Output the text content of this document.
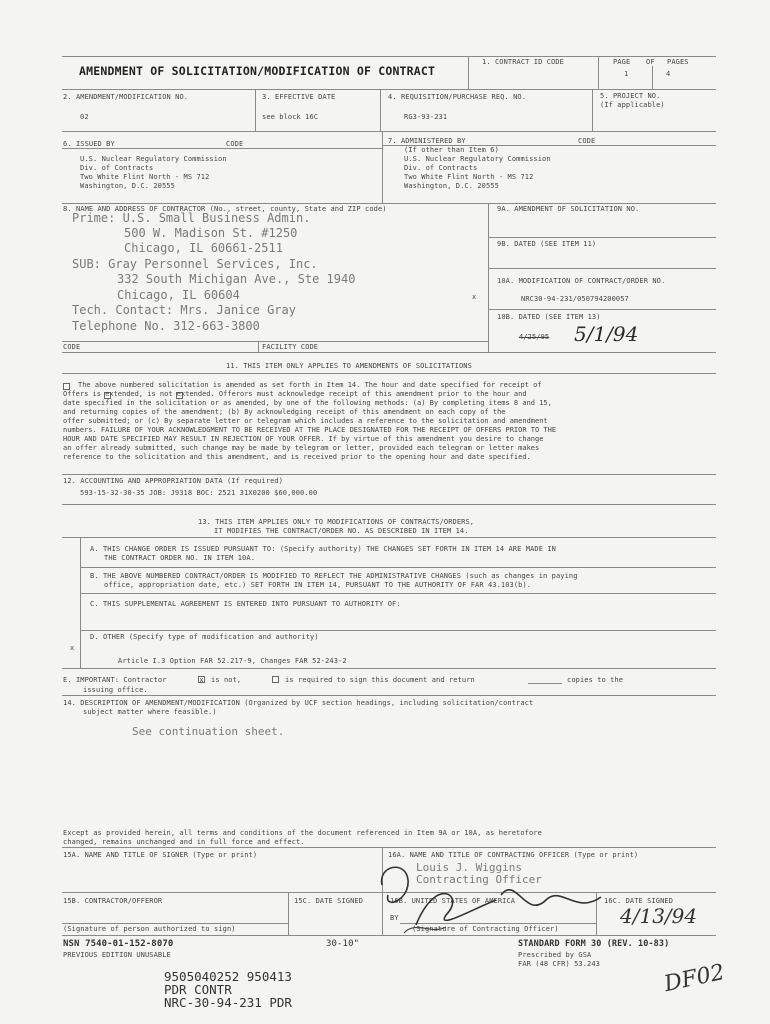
AMENDMENT OF SOLICITATION/MODIFICATION OF CONTRACT
1. CONTRACT ID CODE	PAGE OF PAGES
1	4
2. AMENDMENT/MODIFICATION NO.
02
3. EFFECTIVE DATE
see block 16C
4. REQUISITION/PURCHASE REQ. NO.
RG3-93-231
5. PROJECT NO.
(If applicable)
6. ISSUED BY	CODE
U.S. Nuclear Regulatory Commission
Div. of Contracts
Two White Flint North - MS 712
Washington, D.C. 20555
7. ADMINISTERED BY
(If other than Item 6)
CODE
U.S. Nuclear Regulatory Commission
Div. of Contracts
Two White Flint North - MS 712
Washington, D.C. 20555
8. NAME AND ADDRESS OF CONTRACTOR (No., street, county, State and ZIP code)
Prime: U.S. Small Business Admin.
500 W. Madison St. #1250
Chicago, IL 60661-2511
SUB: Gray Personnel Services, Inc.
332 South Michigan Ave., Ste 1940
Chicago, IL 60604
Tech. Contact: Mrs. Janice Gray
Telephone No. 312-663-3800
CODE	FACILITY CODE
9A. AMENDMENT OF SOLICITATION NO.
9B. DATED (SEE ITEM 11)
x
10A. MODIFICATION OF CONTRACT/ORDER NO.
NRC30-94-231/050794200057
10B. DATED (SEE ITEM 13)
4/25/95 5/1/94
11. THIS ITEM ONLY APPLIES TO AMENDMENTS OF SOLICITATIONS
The above numbered solicitation is amended as set forth in Item 14. The hour and date specified for receipt of
Offers is extended, is not extended. Offerors must acknowledge receipt of this amendment prior to the hour and
date specified in the solicitation or as amended, by one of the following methods: (a) By completing items 8 and 15,
and returning copies of the amendment; (b) By acknowledging receipt of this amendment on each copy of the
offer submitted; or (c) By separate letter or telegram which includes a reference to the solicitation and amendment
numbers. FAILURE OF YOUR ACKNOWLEDGMENT TO BE RECEIVED AT THE PLACE DESIGNATED FOR THE RECEIPT OF OFFERS PRIOR TO THE
HOUR AND DATE SPECIFIED MAY RESULT IN REJECTION OF YOUR OFFER. If by virtue of this amendment you desire to change
an offer already submitted, such change may be made by telegram or letter, provided each telegram or letter makes
reference to the solicitation and this amendment, and is received prior to the opening hour and date specified.
12. ACCOUNTING AND APPROPRIATION DATA (If required)
593-15-32-30-35 JOB: J9318 BOC: 2521 31X0200 $60,000.00
13. THIS ITEM APPLIES ONLY TO MODIFICATIONS OF CONTRACTS/ORDERS,
IT MODIFIES THE CONTRACT/ORDER NO. AS DESCRIBED IN ITEM 14.
A. THIS CHANGE ORDER IS ISSUED PURSUANT TO: (Specify authority) THE CHANGES SET FORTH IN ITEM 14 ARE MADE IN
THE CONTRACT ORDER NO. IN ITEM 10A.
B. THE ABOVE NUMBERED CONTRACT/ORDER IS MODIFIED TO REFLECT THE ADMINISTRATIVE CHANGES (such as changes in paying
office, appropriation date, etc.) SET FORTH IN ITEM 14, PURSUANT TO THE AUTHORITY OF FAR 43.103(b).
C. THIS SUPPLEMENTAL AGREEMENT IS ENTERED INTO PURSUANT TO AUTHORITY OF:
D. OTHER (Specify type of modification and authority)
x
Article I.3 Option FAR 52.217-9, Changes FAR 52-243-2
E. IMPORTANT: Contractor	x is not,	is required to sign this document and return	copies to the
issuing office.
14. DESCRIPTION OF AMENDMENT/MODIFICATION (Organized by UCF section headings, including solicitation/contract
subject matter where feasible.)
See continuation sheet.
Except as provided herein, all terms and conditions of the document referenced in Item 9A or 10A, as heretofore
changed, remains unchanged and in full force and effect.
15A. NAME AND TITLE OF SIGNER (Type or print)	16A. NAME AND TITLE OF CONTRACTING OFFICER (Type or print)
Louis J. Wiggins
Contracting Officer
15B. CONTRACTOR/OFFEROR	15C. DATE SIGNED	16B. UNITED STATES OF AMERICA
BY
16C. DATE SIGNED
4/13/94
(Signature of person authorized to sign)	(Signature of Contracting Officer)
NSN 7540-01-152-8070
PREVIOUS EDITION UNUSABLE
30-10"	STANDARD FORM 30 (REV. 10-83)
Prescribed by GSA
FAR (48 CFR) 53.243
9505040252 950413
PDR CONTR
NRC-30-94-231 PDR
DF02
